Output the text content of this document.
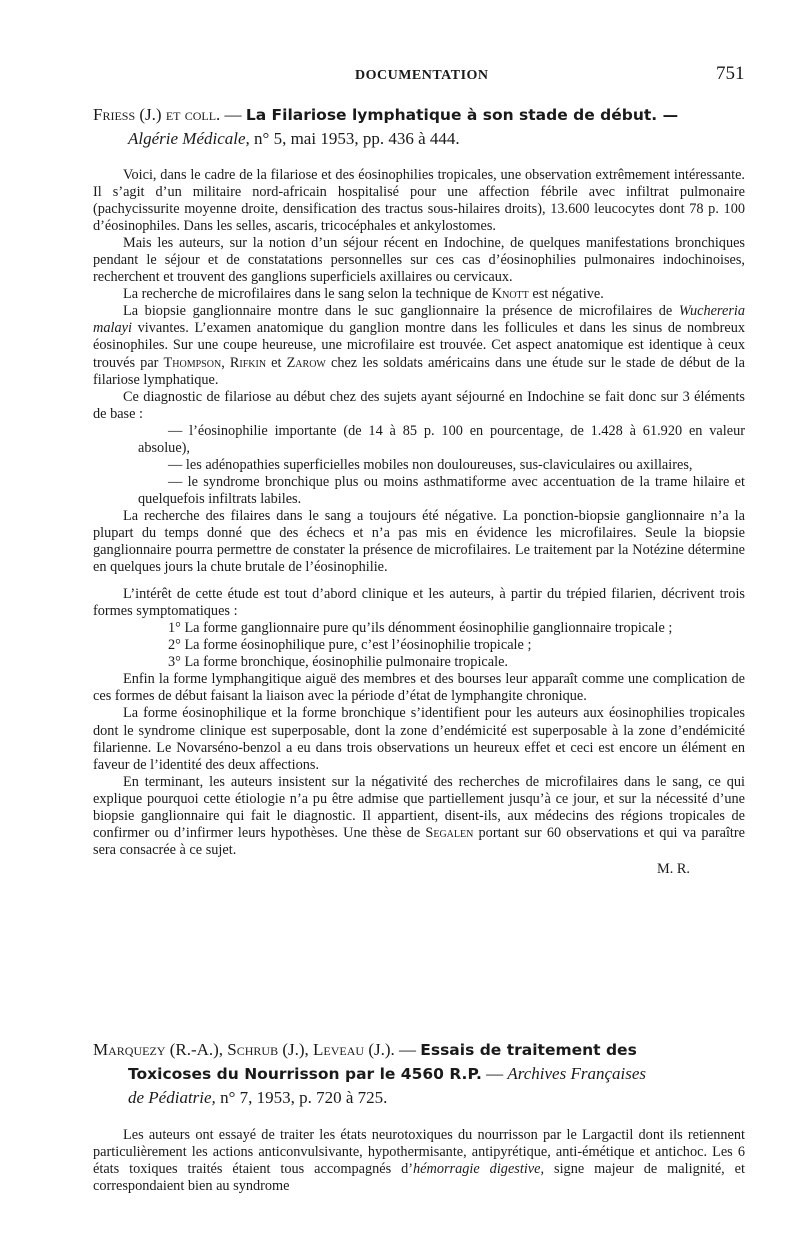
DOCUMENTATION	751

Friess (J.) et coll. — La Filariose lymphatique à son stade de début. —
Algérie Médicale, n° 5, mai 1953, pp. 436 à 444.

Voici, dans le cadre de la filariose et des éosinophilies tropicales, une observation extrêmement intéressante. Il s’agit d’un militaire nord-africain hospitalisé pour une affection fébrile avec infiltrat pulmonaire (pachycissurite moyenne droite, densification des tractus sous-hilaires droits), 13.600 leucocytes dont 78 p. 100 d’éosinophiles. Dans les selles, ascaris, tricocéphales et ankylostomes.

Mais les auteurs, sur la notion d’un séjour récent en Indochine, de quelques manifestations bronchiques pendant le séjour et de constatations personnelles sur ces cas d’éosinophilies pulmonaires indochinoises, recherchent et trouvent des ganglions superficiels axillaires ou cervicaux.

La recherche de microfilaires dans le sang selon la technique de Knott est négative.

La biopsie ganglionnaire montre dans le suc ganglionnaire la présence de microfilaires de Wuchereria malayi vivantes. L’examen anatomique du ganglion montre dans les follicules et dans les sinus de nombreux éosinophiles. Sur une coupe heureuse, une microfilaire est trouvée. Cet aspect anatomique est identique à ceux trouvés par Thompson, Rifkin et Zarow chez les soldats américains dans une étude sur le stade de début de la filariose lymphatique.

Ce diagnostic de filariose au début chez des sujets ayant séjourné en Indochine se fait donc sur 3 éléments de base :

— l’éosinophilie importante (de 14 à 85 p. 100 en pourcentage, de 1.428 à 61.920 en valeur absolue),

— les adénopathies superficielles mobiles non douloureuses, sus-claviculaires ou axillaires,

— le syndrome bronchique plus ou moins asthmatiforme avec accentuation de la trame hilaire et quelquefois infiltrats labiles.

La recherche des filaires dans le sang a toujours été négative. La ponction-biopsie ganglionnaire n’a la plupart du temps donné que des échecs et n’a pas mis en évidence les microfilaires. Seule la biopsie ganglionnaire pourra permettre de constater la présence de microfilaires. Le traitement par la Notézine détermine en quelques jours la chute brutale de l’éosinophilie.

L’intérêt de cette étude est tout d’abord clinique et les auteurs, à partir du trépied filarien, décrivent trois formes symptomatiques :

1° La forme ganglionnaire pure qu’ils dénomment éosinophilie ganglionnaire tropicale ;

2° La forme éosinophilique pure, c’est l’éosinophilie tropicale ;

3° La forme bronchique, éosinophilie pulmonaire tropicale.

Enfin la forme lymphangitique aiguë des membres et des bourses leur apparaît comme une complication de ces formes de début faisant la liaison avec la période d’état de lymphangite chronique.

La forme éosinophilique et la forme bronchique s’identifient pour les auteurs aux éosinophilies tropicales dont le syndrome clinique est superposable, dont la zone d’endémicité est superposable à la zone d’endémicité filarienne. Le Novarséno-benzol a eu dans trois observations un heureux effet et ceci est encore un élément en faveur de l’identité des deux affections.

En terminant, les auteurs insistent sur la négativité des recherches de microfilaires dans le sang, ce qui explique pourquoi cette étiologie n’a pu être admise que partiellement jusqu’à ce jour, et sur la nécessité d’une biopsie ganglionnaire qui fait le diagnostic. Il appartient, disent-ils, aux médecins des régions tropicales de confirmer ou d’infirmer leurs hypothèses. Une thèse de Segalen portant sur 60 observations et qui va paraître sera consacrée à ce sujet.

M. R.

Marquezy (R.-A.), Schrub (J.), Leveau (J.). — Essais de traitement des
Toxicoses du Nourrisson par le 4560 R.P. — Archives Françaises
de Pédiatrie, n° 7, 1953, p. 720 à 725.

Les auteurs ont essayé de traiter les états neurotoxiques du nourrisson par le Largactil dont ils retiennent particulièrement les actions anticonvulsivante, hypothermisante, antipyrétique, anti-émétique et antichoc. Les 6 états toxiques traités étaient tous accompagnés d’hémorragie digestive, signe majeur de malignité, et correspondaient bien au syndrome
